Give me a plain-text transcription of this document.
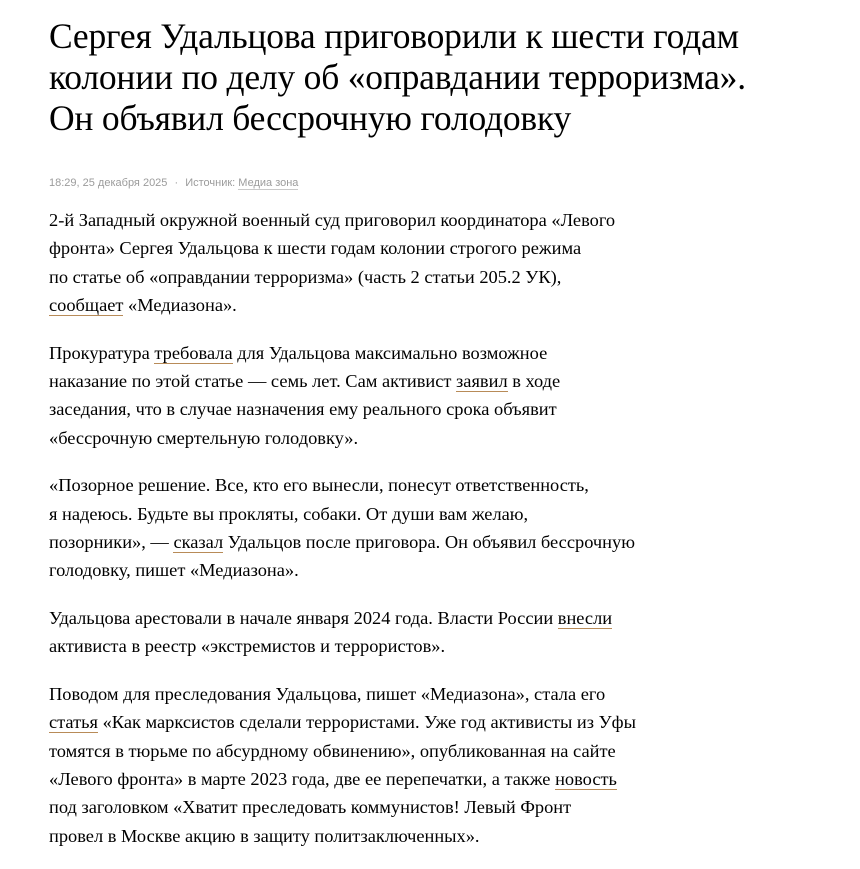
Сергея Удальцова приговорили к шести годам
колонии по делу об «оправдании терроризма».
Он объявил бессрочную голодовку
18:29, 25 декабря 2025 · Источник: Медиа зона

2-й Западный окружной военный суд приговорил координатора «Левого
фронта» Сергея Удальцова к шести годам колонии строгого режима
по статье об «оправдании терроризма» (часть 2 статьи 205.2 УК),
сообщает «Медиазона».

Прокуратура требовала для Удальцова максимально возможное
наказание по этой статье — семь лет. Сам активист заявил в ходе
заседания, что в случае назначения ему реального срока объявит
«бессрочную смертельную голодовку».

«Позорное решение. Все, кто его вынесли, понесут ответственность,
я надеюсь. Будьте вы прокляты, собаки. От души вам желаю,
позорники», — сказал Удальцов после приговора. Он объявил бессрочную
голодовку, пишет «Медиазона».

Удальцова арестовали в начале января 2024 года. Власти России внесли
активиста в реестр «экстремистов и террористов».

Поводом для преследования Удальцова, пишет «Медиазона», стала его
статья «Как марксистов сделали террористами. Уже год активисты из Уфы
томятся в тюрьме по абсурдному обвинению», опубликованная на сайте
«Левого фронта» в марте 2023 года, две ее перепечатки, а также новость
под заголовком «Хватит преследовать коммунистов! Левый Фронт
провел в Москве акцию в защиту политзаключенных».
